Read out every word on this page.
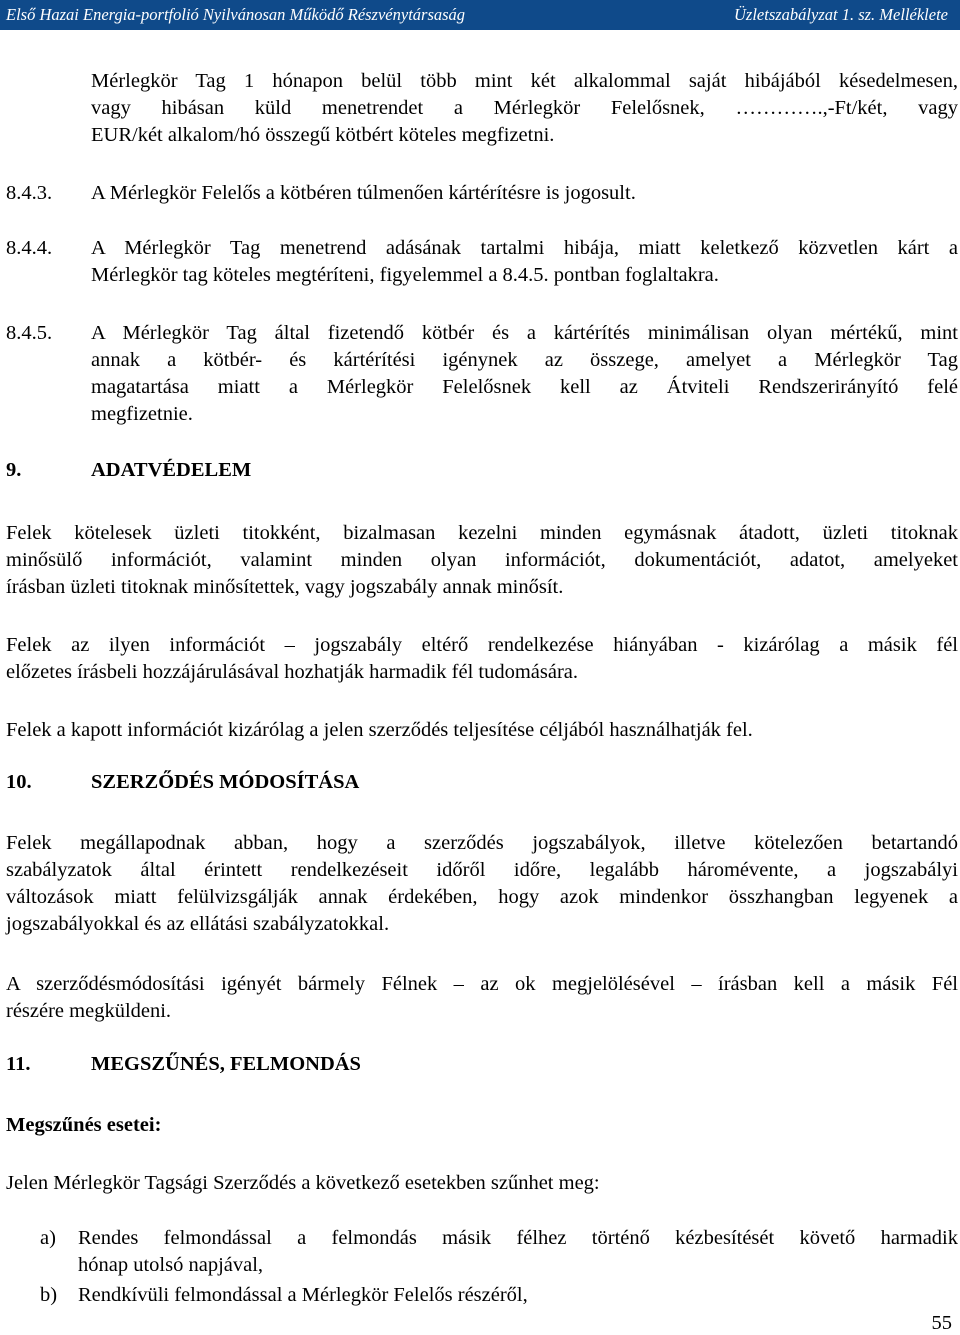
Első Hazai Energia-portfolió Nyilvánosan Működő Részvénytársaság	Üzletszabályzat 1. sz. Melléklete
Mérlegkör Tag 1 hónapon belül több mint két alkalommal saját hibájából késedelmesen,
vagy hibásan küld menetrendet a Mérlegkör Felelősnek, ………….,-Ft/két, vagy
EUR/két alkalom/hó összegű kötbért köteles megfizetni.
8.4.3. A Mérlegkör Felelős a kötbéren túlmenően kártérítésre is jogosult.
8.4.4. A Mérlegkör Tag menetrend adásának tartalmi hibája, miatt keletkező közvetlen kárt a
Mérlegkör tag köteles megtéríteni, figyelemmel a 8.4.5. pontban foglaltakra.
8.4.5. A Mérlegkör Tag által fizetendő kötbér és a kártérítés minimálisan olyan mértékű, mint
annak a kötbér- és kártérítési igénynek az összege, amelyet a Mérlegkör Tag
magatartása miatt a Mérlegkör Felelősnek kell az Átviteli Rendszerirányító felé
megfizetnie.
9.	ADATVÉDELEM
Felek kötelesek üzleti titokként, bizalmasan kezelni minden egymásnak átadott, üzleti titoknak
minősülő információt, valamint minden olyan információt, dokumentációt, adatot, amelyeket
írásban üzleti titoknak minősítettek, vagy jogszabály annak minősít.
Felek az ilyen információt – jogszabály eltérő rendelkezése hiányában - kizárólag a másik fél
előzetes írásbeli hozzájárulásával hozhatják harmadik fél tudomására.
Felek a kapott információt kizárólag a jelen szerződés teljesítése céljából használhatják fel.
10.	SZERZŐDÉS MÓDOSÍTÁSA
Felek megállapodnak abban, hogy a szerződés jogszabályok, illetve kötelezően betartandó
szabályzatok által érintett rendelkezéseit időről időre, legalább háromévente, a jogszabályi
változások miatt felülvizsgálják annak érdekében, hogy azok mindenkor összhangban legyenek a
jogszabályokkal és az ellátási szabályzatokkal.
A szerződésmódosítási igényét bármely Félnek – az ok megjelölésével – írásban kell a másik Fél
részére megküldeni.
11.	MEGSZŰNÉS, FELMONDÁS
Megszűnés esetei:
Jelen Mérlegkör Tagsági Szerződés a következő esetekben szűnhet meg:
a) Rendes felmondással a felmondás másik félhez történő kézbesítését követő harmadik
hónap utolsó napjával,
b) Rendkívüli felmondással a Mérlegkör Felelős részéről,
55
